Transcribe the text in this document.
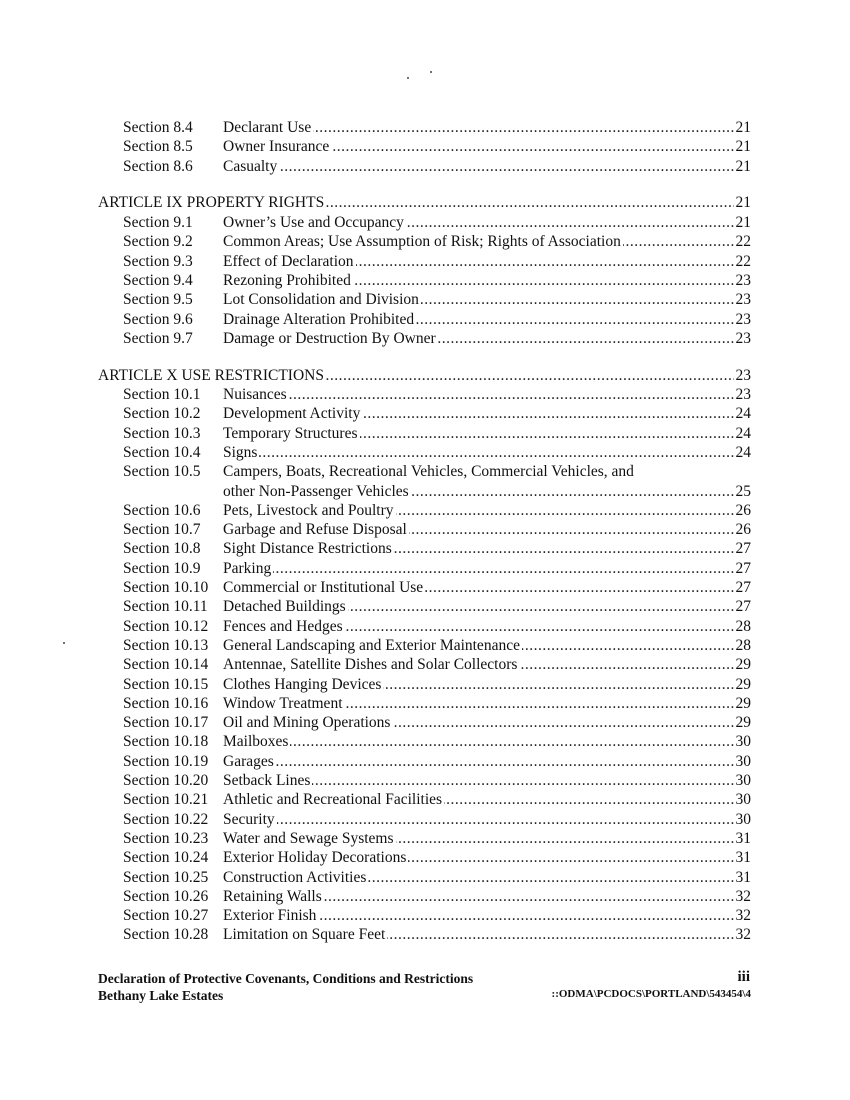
Section 8.4 ..... Declarant Use	21
Section 8.5 ..... Owner Insurance	21
Section 8.6 ..... Casualty	21
.....
ARTICLE IX PROPERTY RIGHTS	21
Section 9.1 ..... Owner’s Use and Occupancy	21
Section 9.2 ..... Common Areas; Use Assumption of Risk; Rights of Association	22
Section 9.3 ..... Effect of Declaration	22
Section 9.4 ..... Rezoning Prohibited	23
Section 9.5 ..... Lot Consolidation and Division	23
Section 9.6 ..... Drainage Alteration Prohibited	23
Section 9.7 ..... Damage or Destruction By Owner	23
.....
ARTICLE X USE RESTRICTIONS	23
Section 10.1 ..... Nuisances	23
Section 10.2 ..... Development Activity	24
Section 10.3 ..... Temporary Structures	24
Section 10.4 ..... Signs	24
Section 10.5 Campers, Boats, Recreational Vehicles, Commercial Vehicles, and
.....
other Non-Passenger Vehicles	25
Section 10.6 ..... Pets, Livestock and Poultry	26
Section 10.7 ..... Garbage and Refuse Disposal	26
Section 10.8 ..... Sight Distance Restrictions	27
Section 10.9 ..... Parking	27
Section 10.10 ..... Commercial or Institutional Use	27
Section 10.11 ..... Detached Buildings	27
Section 10.12 ..... Fences and Hedges	28
Section 10.13 ..... General Landscaping and Exterior Maintenance	28
Section 10.14 ..... Antennae, Satellite Dishes and Solar Collectors	29
Section 10.15 ..... Clothes Hanging Devices	29
Section 10.16 ..... Window Treatment	29
Section 10.17 ..... Oil and Mining Operations	29
Section 10.18 ..... Mailboxes	30
Section 10.19 ..... Garages	30
Section 10.20 ..... Setback Lines	30
Section 10.21 ..... Athletic and Recreational Facilities	30
Section 10.22 ..... Security	30
Section 10.23 ..... Water and Sewage Systems	31
Section 10.24 ..... Exterior Holiday Decorations	31
Section 10.25 ..... Construction Activities	31
Section 10.26 ..... Retaining Walls	32
Section 10.27 ..... Exterior Finish	32
Section 10.28 ..... Limitation on Square Feet	32
Declaration of Protective Covenants, Conditions and Restrictions
Bethany Lake Estates
iii
::ODMA\PCDOCS\PORTLAND\543454\4
